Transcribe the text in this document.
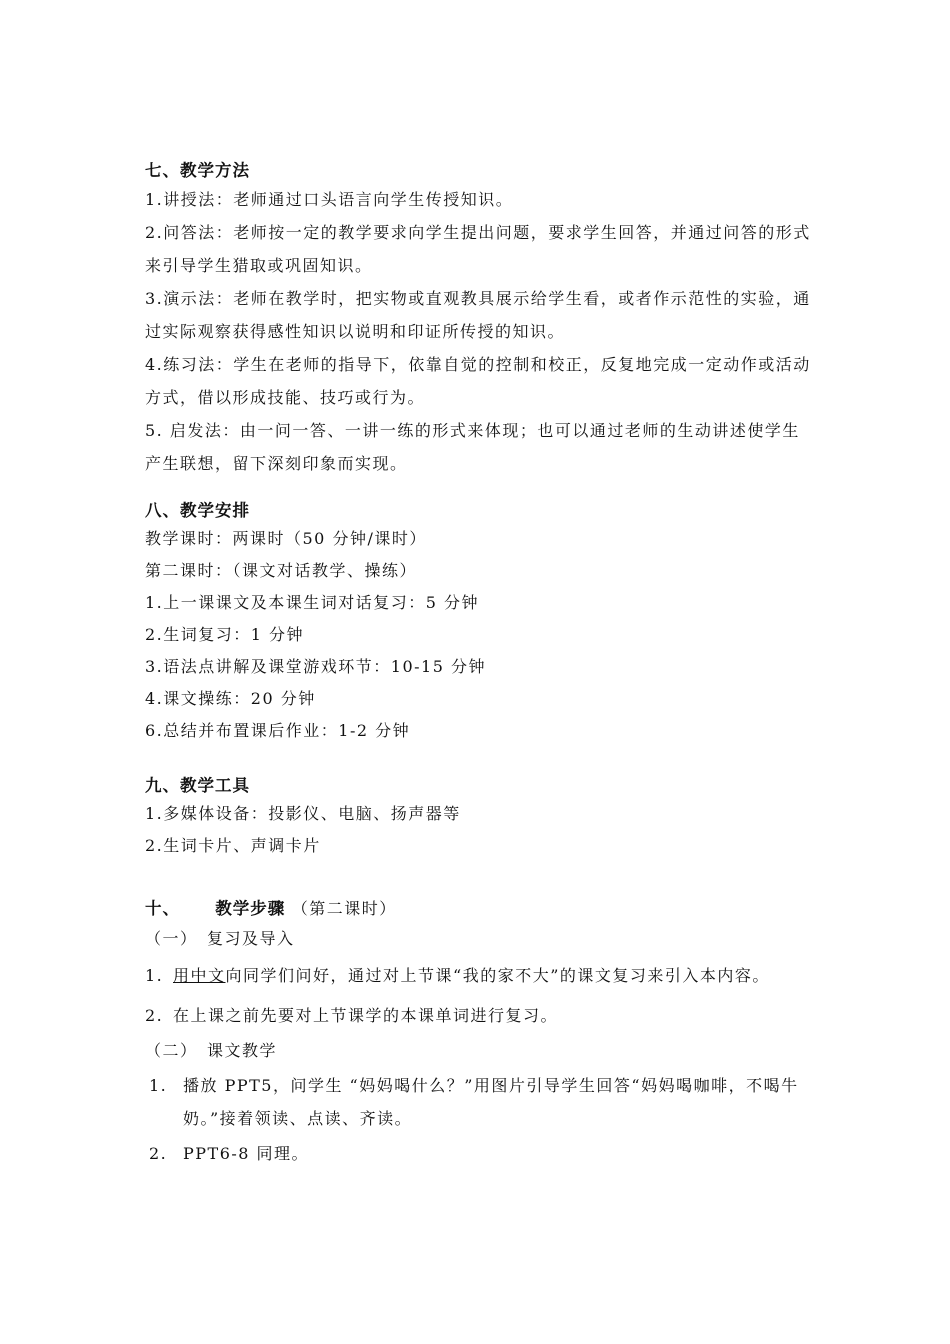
七、教学方法

1.讲授法：老师通过口头语言向学生传授知识。

2.问答法：老师按一定的教学要求向学生提出问题，要求学生回答，并通过问答的形式来引导学生猎取或巩固知识。

3.演示法：老师在教学时，把实物或直观教具展示给学生看，或者作示范性的实验，通过实际观察获得感性知识以说明和印证所传授的知识。

4.练习法：学生在老师的指导下，依靠自觉的控制和校正，反复地完成一定动作或活动方式，借以形成技能、技巧或行为。

5. 启发法：由一问一答、一讲一练的形式来体现；也可以通过老师的生动讲述使学生产生联想，留下深刻印象而实现。

八、教学安排

教学课时：两课时（50 分钟/课时）

第二课时：（课文对话教学、操练）

1.上一课课文及本课生词对话复习：5 分钟

2.生词复习：1 分钟

3.语法点讲解及课堂游戏环节：10-15 分钟

4.课文操练：20 分钟

6.总结并布置课后作业：1-2 分钟

九、教学工具

1.多媒体设备：投影仪、电脑、扬声器等

2.生词卡片、声调卡片

十、 教学步骤 （第二课时）

（一）　复习及导入

1. 用中文向同学们问好，通过对上节课“我的家不大”的课文复习来引入本内容。
2. 在上课之前先要对上节课学的本课单词进行复习。

（二）　课文教学

1. 播放 PPT5，问学生 “妈妈喝什么？”用图片引导学生回答“妈妈喝咖啡，不喝牛奶。”接着领读、点读、齐读。
2. PPT6-8 同理。
